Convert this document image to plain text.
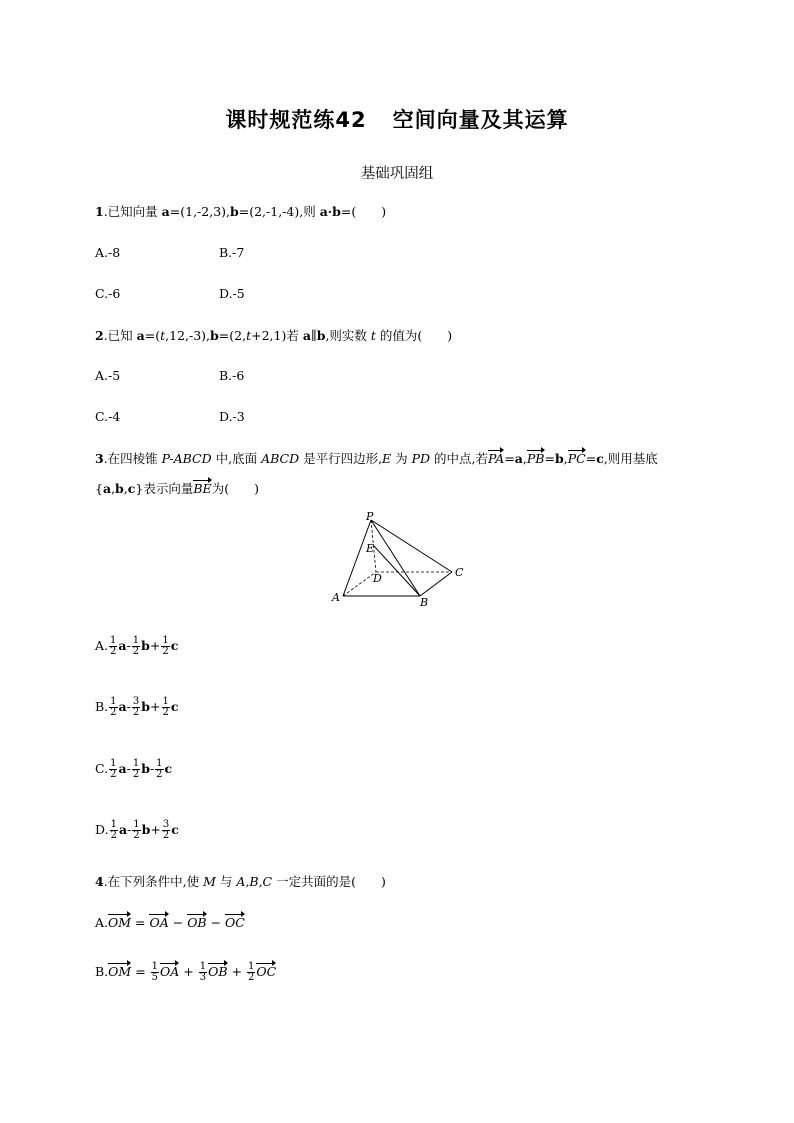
课时规范练42 空间向量及其运算
基础巩固组
1.已知向量 a=(1,-2,3),b=(2,-1,-4),则 a·b=(　　)
A.-8	B.-7
C.-6	D.-5
2.已知 a=(t,12,-3),b=(2,t+2,1)若 a∥b,则实数 t 的值为(　　)
A.-5	B.-6
C.-4	D.-3
3.在四棱锥 P-ABCD 中,底面 ABCD 是平行四边形,E 为 PD 的中点,若PA=a,PB=b,PC=c,则用基底
{a,b,c}表示向量BE为(　　)
P
E
D	C
A	B
A. $\frac{1}{2} a- \frac{1}{2} b+ \frac{1}{2}$ c
B. $\frac{1}{2} a- \frac{3}{2} b+ \frac{1}{2}$ c
C. $\frac{1}{2} a- \frac{1}{2} b- \frac{1}{2}$ c
D. $\frac{1}{2} a- \frac{1}{2} b+ \frac{3}{2}$ c
4.在下列条件中,使 M 与 A,B,C 一定共面的是(　　)
A.OM = OA − OB − OC
$B.OM = \frac{1}{5}$ OA + $\frac{1}{3}$ OB + $\frac{1}{2}$ OC
